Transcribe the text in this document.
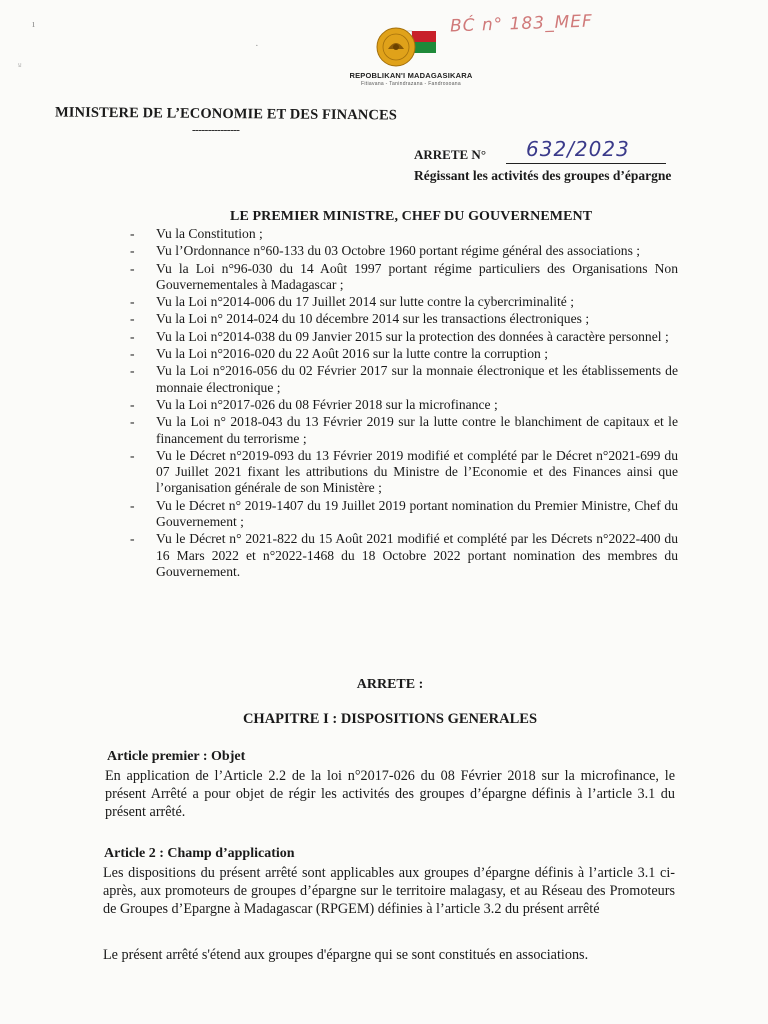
ı
⸚
·
REPOBLIKAN'I MADAGASIKARA
Fitiavana - Tanindrazana - Fandrosoana
BĆ n° 183_MEF
MINISTERE DE L’ECONOMIE ET DES FINANCES
---------------
ARRETE N° 632/2023
Régissant les activités des groupes d’épargne
LE PREMIER MINISTRE, CHEF DU GOUVERNEMENT
- Vu la Constitution ;
- Vu l’Ordonnance n°60-133 du 03 Octobre 1960 portant régime général des associations ;
- Vu la Loi n°96-030 du 14 Août 1997 portant régime particuliers des Organisations Non Gouvernementales à Madagascar ;
- Vu la Loi n°2014-006 du 17 Juillet 2014 sur lutte contre la cybercriminalité ;
- Vu la Loi n° 2014-024 du 10 décembre 2014 sur les transactions électroniques ;
- Vu la Loi n°2014-038 du 09 Janvier 2015 sur la protection des données à caractère personnel ;
- Vu la Loi n°2016-020 du 22 Août 2016 sur la lutte contre la corruption ;
- Vu la Loi n°2016-056 du 02 Février 2017 sur la monnaie électronique et les établissements de monnaie électronique ;
- Vu la Loi n°2017-026 du 08 Février 2018 sur la microfinance ;
- Vu la Loi n° 2018-043 du 13 Février 2019 sur la lutte contre le blanchiment de capitaux et le financement du terrorisme ;
- Vu le Décret n°2019-093 du 13 Février 2019 modifié et complété par le Décret n°2021-699 du 07 Juillet 2021 fixant les attributions du Ministre de l’Economie et des Finances ainsi que l’organisation générale de son Ministère ;
- Vu le Décret n° 2019-1407 du 19 Juillet 2019 portant nomination du Premier Ministre, Chef du Gouvernement ;
- Vu le Décret n° 2021-822 du 15 Août 2021 modifié et complété par les Décrets n°2022-400 du 16 Mars 2022 et n°2022-1468 du 18 Octobre 2022 portant nomination des membres du Gouvernement.
ARRETE :
CHAPITRE I : DISPOSITIONS GENERALES
Article premier : Objet
En application de l’Article 2.2 de la loi n°2017-026 du 08 Février 2018 sur la microfinance, le présent Arrêté a pour objet de régir les activités des groupes d’épargne définis à l’article 3.1 du présent arrêté.
Article 2 : Champ d’application
Les dispositions du présent arrêté sont applicables aux groupes d’épargne définis à l’article 3.1 ci-après, aux promoteurs de groupes d’épargne sur le territoire malagasy, et au Réseau des Promoteurs de Groupes d’Epargne à Madagascar (RPGEM) définies à l’article 3.2 du présent arrêté
Le présent arrêté s'étend aux groupes d'épargne qui se sont constitués en associations.
